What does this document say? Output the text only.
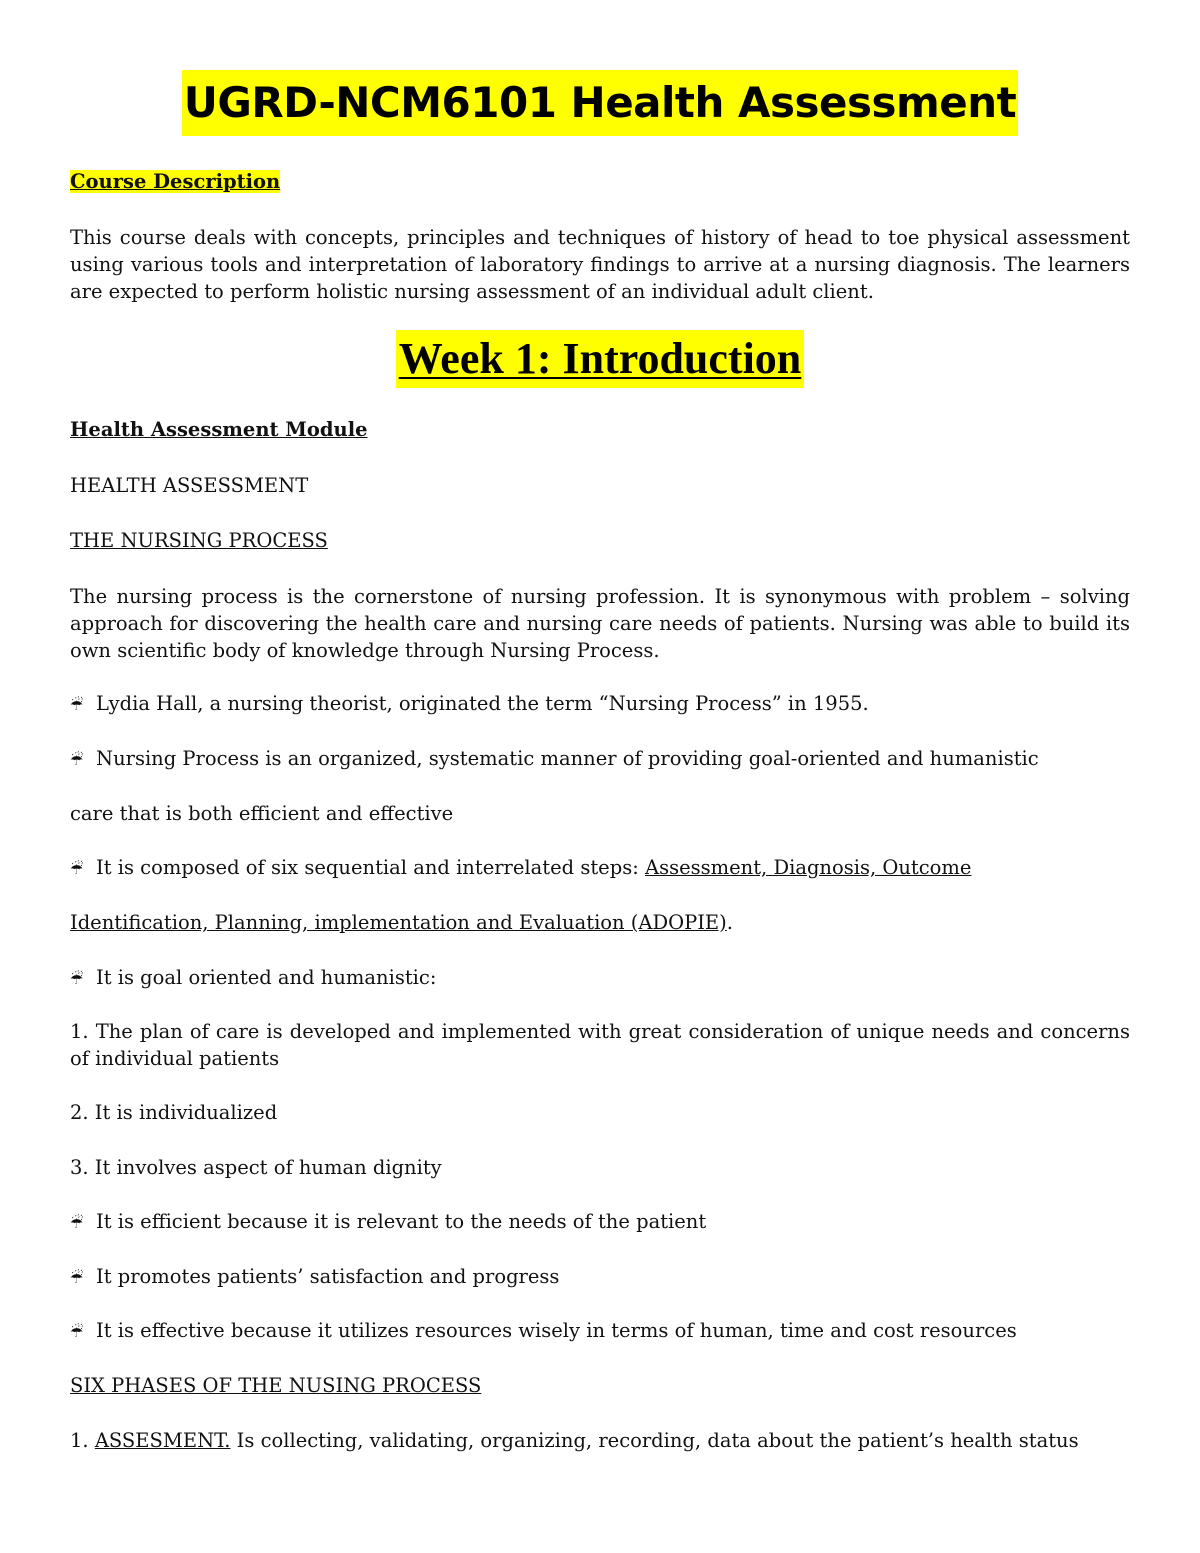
UGRD-NCM6101 Health Assessment
Course Description
This course deals with concepts, principles and techniques of history of head to toe physical assessment using various tools and interpretation of laboratory findings to arrive at a nursing diagnosis. The learners are expected to perform holistic nursing assessment of an individual adult client.
Week 1: Introduction
Health Assessment Module
HEALTH ASSESSMENT
THE NURSING PROCESS
The nursing process is the cornerstone of nursing profession. It is synonymous with problem – solving approach for discovering the health care and nursing care needs of patients. Nursing was able to build its own scientific body of knowledge through Nursing Process.
☔ Lydia Hall, a nursing theorist, originated the term “Nursing Process” in 1955.
☔ Nursing Process is an organized, systematic manner of providing goal-oriented and humanistic
care that is both efficient and effective
☔ It is composed of six sequential and interrelated steps: Assessment, Diagnosis, Outcome
Identification, Planning, implementation and Evaluation (ADOPIE).
☔ It is goal oriented and humanistic:
1. The plan of care is developed and implemented with great consideration of unique needs and concerns of individual patients
2. It is individualized
3. It involves aspect of human dignity
☔ It is efficient because it is relevant to the needs of the patient
☔ It promotes patients’ satisfaction and progress
☔ It is effective because it utilizes resources wisely in terms of human, time and cost resources
SIX PHASES OF THE NUSING PROCESS
1. ASSESMENT. Is collecting, validating, organizing, recording, data about the patient’s health status
